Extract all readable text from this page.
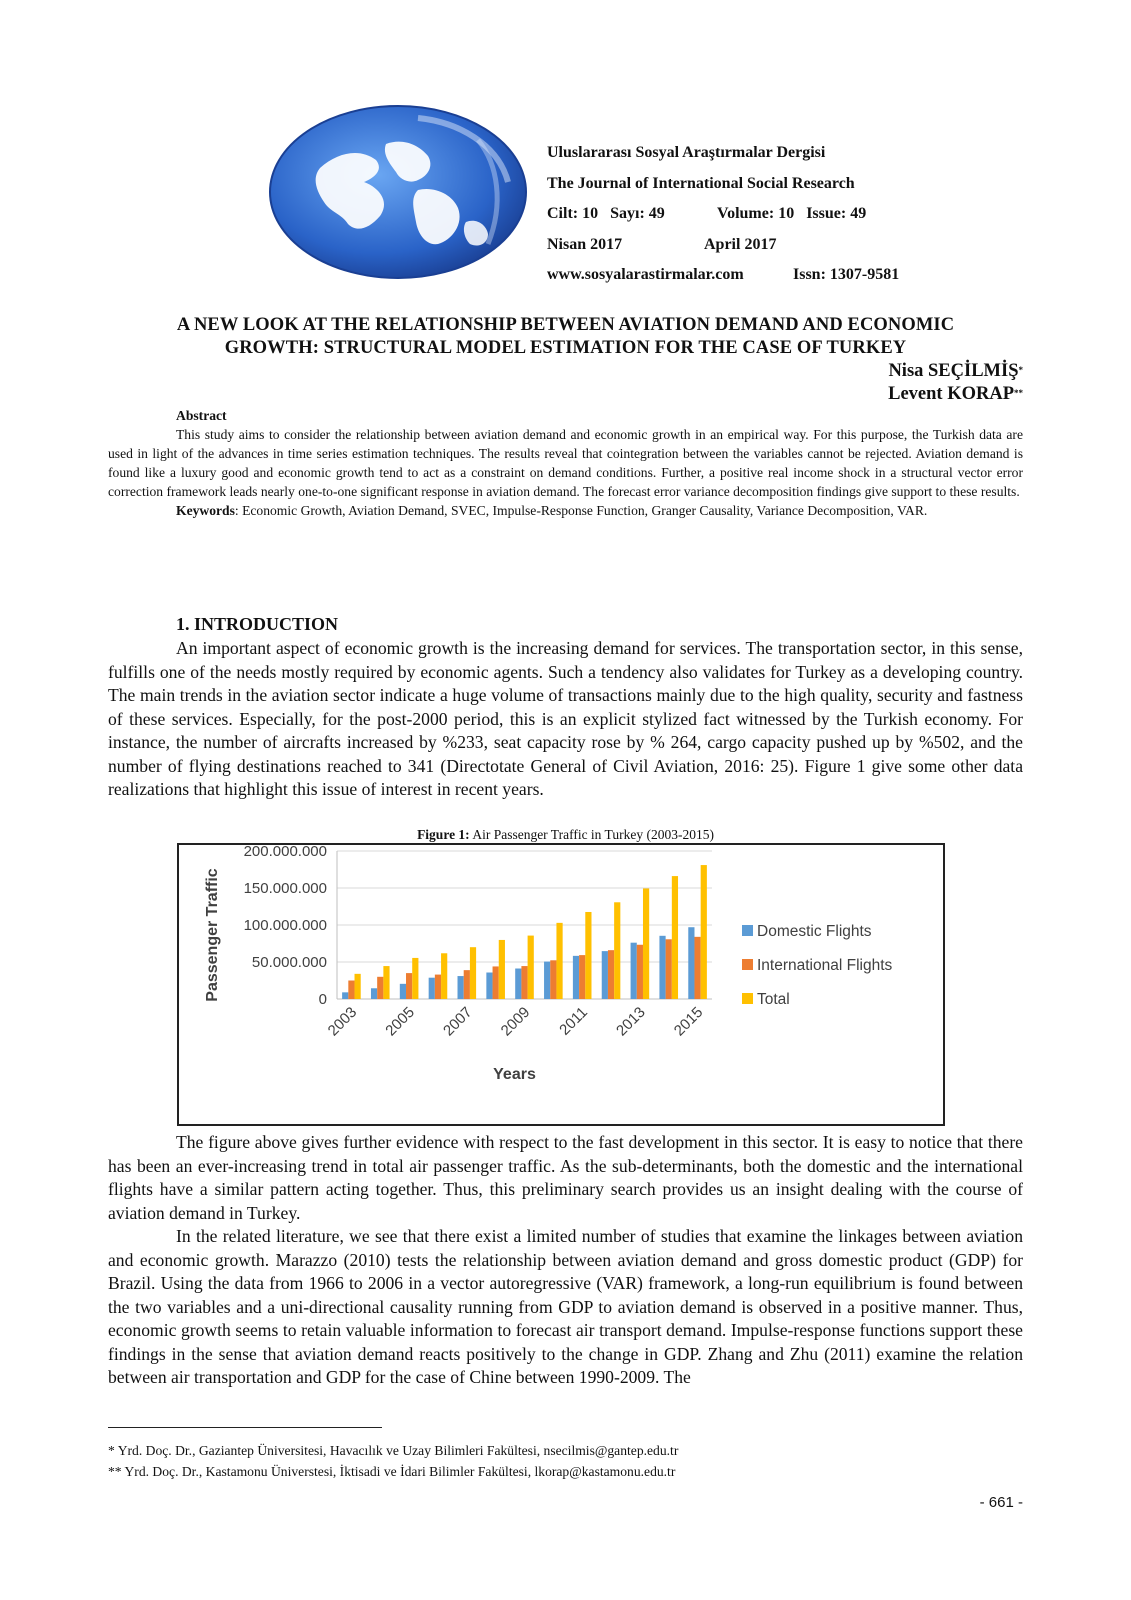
Uluslararası Sosyal Araştırmalar Dergisi
The Journal of International Social Research
Cilt: 10   Sayı: 49	Volume: 10   Issue: 49
Nisan 2017	April 2017
www.sosyalarastirmalar.com	Issn: 1307-9581
A NEW LOOK AT THE RELATIONSHIP BETWEEN AVIATION DEMAND AND ECONOMIC
GROWTH: STRUCTURAL MODEL ESTIMATION FOR THE CASE OF TURKEY
Nisa SEÇİLMİŞ*
Levent KORAP**
Abstract

This study aims to consider the relationship between aviation demand and economic growth in an empirical way. For this purpose, the Turkish data are used in light of the advances in time series estimation techniques. The results reveal that cointegration between the variables cannot be rejected. Aviation demand is found like a luxury good and economic growth tend to act as a constraint on demand conditions. Further, a positive real income shock in a structural vector error correction framework leads nearly one-to-one significant response in aviation demand. The forecast error variance decomposition findings give support to these results.

Keywords: Economic Growth, Aviation Demand, SVEC, Impulse-Response Function, Granger Causality, Variance Decomposition, VAR.

1. INTRODUCTION

An important aspect of economic growth is the increasing demand for services. The transportation sector, in this sense, fulfills one of the needs mostly required by economic agents. Such a tendency also validates for Turkey as a developing country. The main trends in the aviation sector indicate a huge volume of transactions mainly due to the high quality, security and fastness of these services. Especially, for the post-2000 period, this is an explicit stylized fact witnessed by the Turkish economy. For instance, the number of aircrafts increased by %233, seat capacity rose by % 264, cargo capacity pushed up by %502, and the number of flying destinations reached to 341 (Directotate General of Civil Aviation, 2016: 25). Figure 1 give some other data realizations that highlight this issue of interest in recent years.

Figure 1: Air Passenger Traffic in Turkey (2003-2015)
200.000.000
150.000.000
100.000.000
50.000.000
0
2003 2005 2007 2009 2011 2013 2015
Years
Passenger Traffic	Domestic Flights
International Flights
Total

The figure above gives further evidence with respect to the fast development in this sector. It is easy to notice that there has been an ever-increasing trend in total air passenger traffic. As the sub-determinants, both the domestic and the international flights have a similar pattern acting together. Thus, this preliminary search provides us an insight dealing with the course of aviation demand in Turkey.

In the related literature, we see that there exist a limited number of studies that examine the linkages between aviation and economic growth. Marazzo (2010) tests the relationship between aviation demand and gross domestic product (GDP) for Brazil. Using the data from 1966 to 2006 in a vector autoregressive (VAR) framework, a long-run equilibrium is found between the two variables and a uni-directional causality running from GDP to aviation demand is observed in a positive manner. Thus, economic growth seems to retain valuable information to forecast air transport demand. Impulse-response functions support these findings in the sense that aviation demand reacts positively to the change in GDP. Zhang and Zhu (2011) examine the relation between air transportation and GDP for the case of Chine between 1990-2009. The

* Yrd. Doç. Dr., Gaziantep Üniversitesi, Havacılık ve Uzay Bilimleri Fakültesi, nsecilmis@gantep.edu.tr
** Yrd. Doç. Dr., Kastamonu Üniverstesi, İktisadi ve İdari Bilimler Fakültesi, lkorap@kastamonu.edu.tr
- 661 -
